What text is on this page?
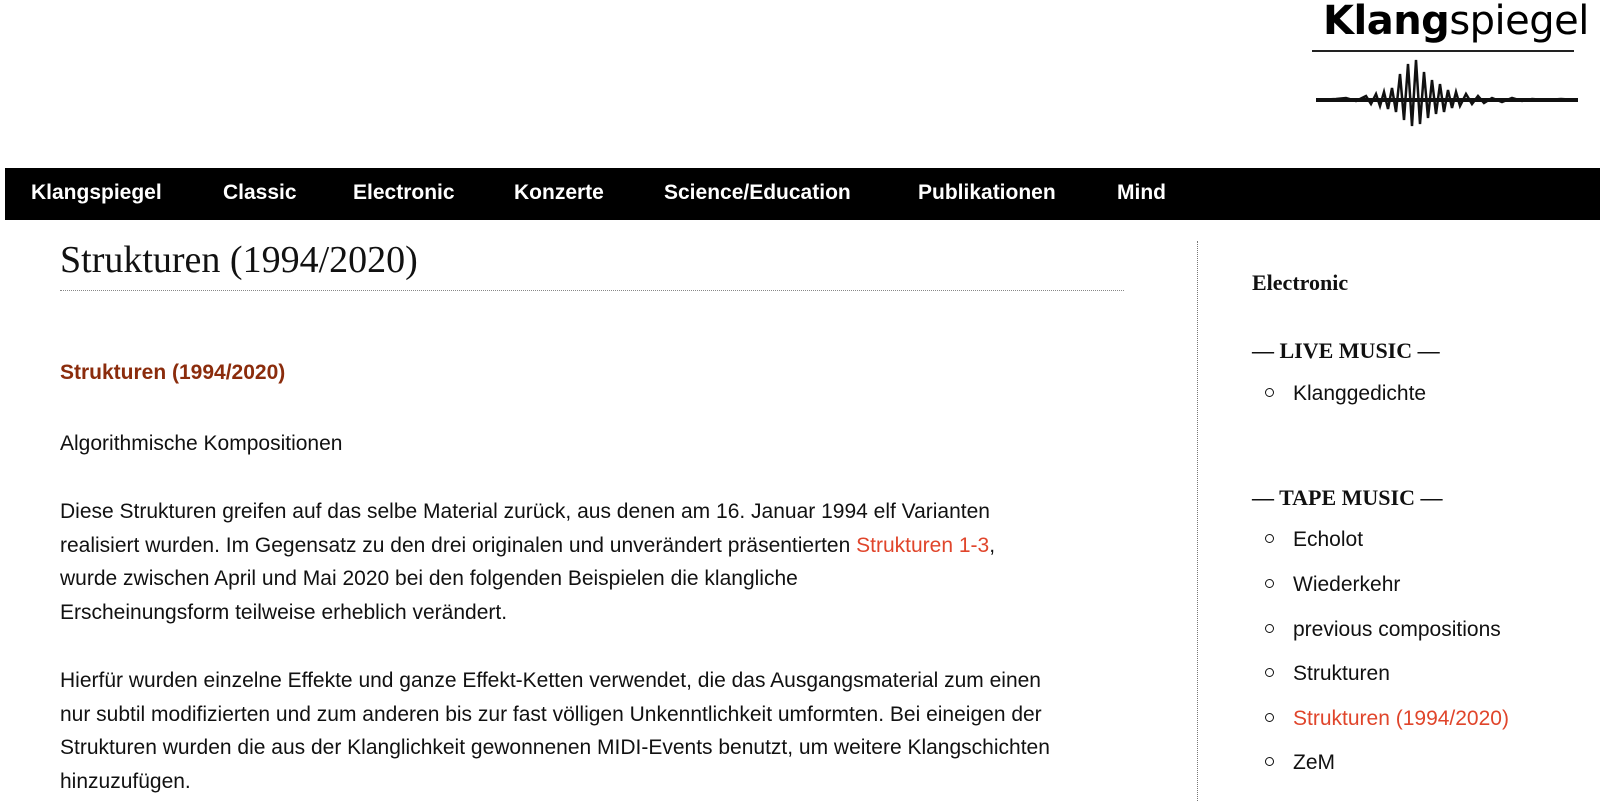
Klangspiegel
Klangspiegel	Classic	Electronic	Konzerte	Science/Education	Publikationen	Mind
Strukturen (1994/2020)
Strukturen (1994/2020)

Algorithmische Kompositionen

Diese Strukturen greifen auf das selbe Material zurück, aus denen am 16. Januar 1994 elf Varianten
realisiert wurden. Im Gegensatz zu den drei originalen und unverändert präsentierten Strukturen 1-3,
wurde zwischen April und Mai 2020 bei den folgenden Beispielen die klangliche
Erscheinungsform teilweise erheblich verändert.

Hierfür wurden einzelne Effekte und ganze Effekt-Ketten verwendet, die das Ausgangsmaterial zum einen
nur subtil modifizierten und zum anderen bis zur fast völligen Unkenntlichkeit umformten. Bei eineigen der
Strukturen wurden die aus der Klanglichkeit gewonnenen MIDI-Events benutzt, um weitere Klangschichten
hinzuzufügen.

Electronic
— LIVE MUSIC —
Klanggedichte
— TAPE MUSIC —
Echolot
Wiederkehr
previous compositions
Strukturen
Strukturen (1994/2020)
ZeM
